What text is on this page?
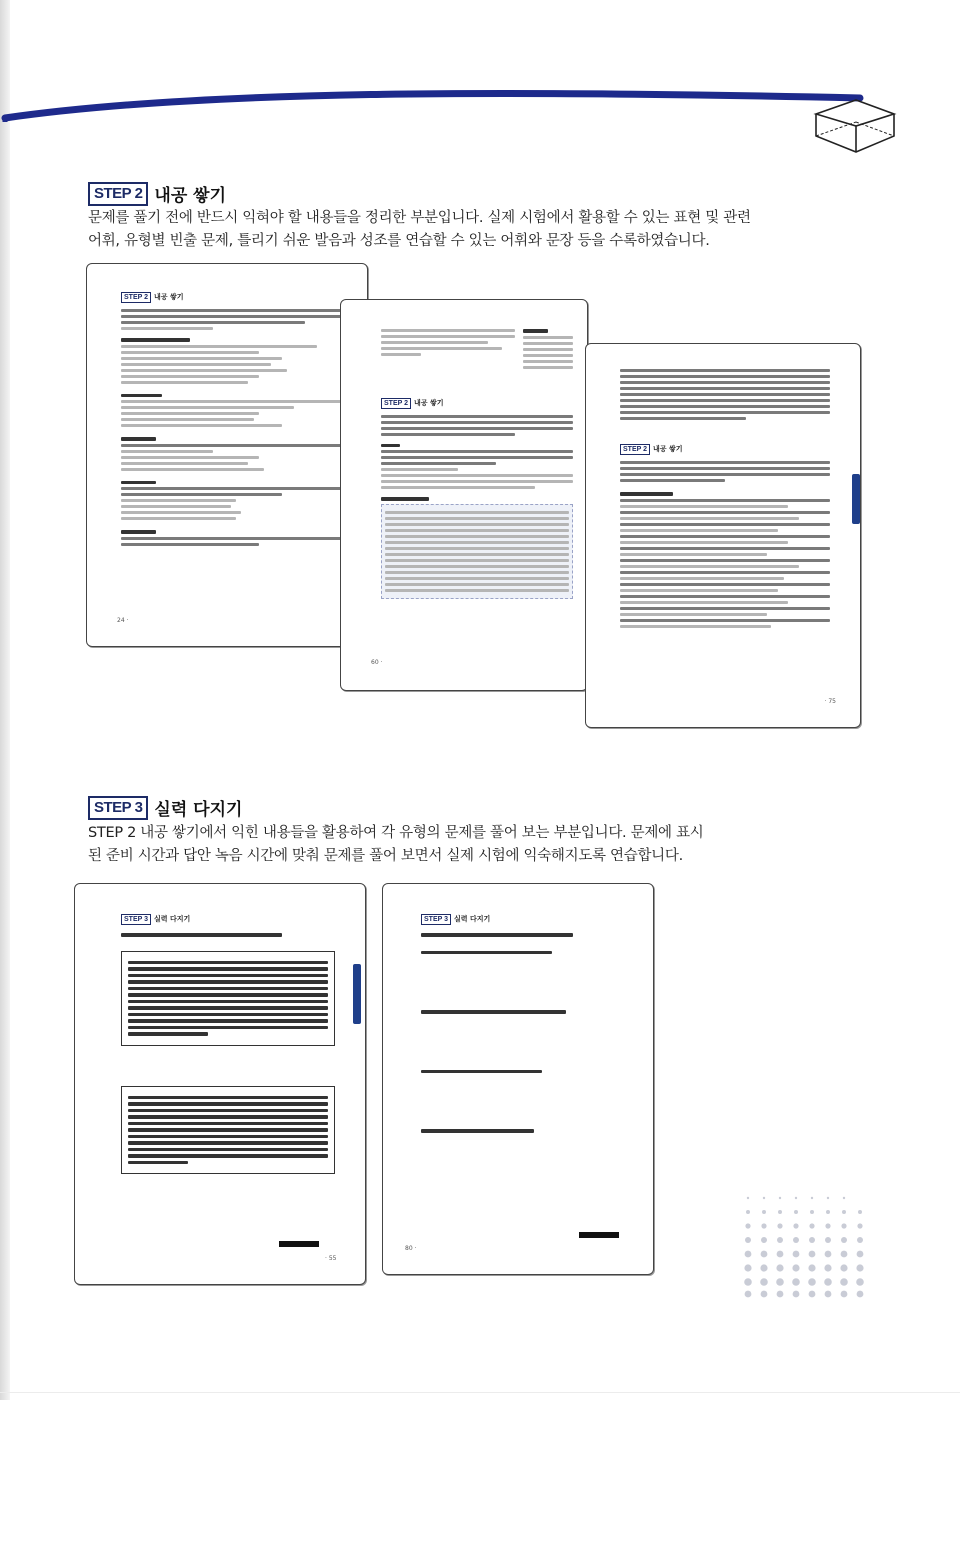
STEP 2 내공 쌓기
문제를 풀기 전에 반드시 익혀야 할 내용들을 정리한 부분입니다. 실제 시험에서 활용할 수 있는 표현 및 관련
어휘, 유형별 빈출 문제, 틀리기 쉬운 발음과 성조를 연습할 수 있는 어휘와 문장 등을 수록하였습니다.
STEP 2 내공 쌓기
24 ·
STEP 2 내공 쌓기
60 ·
STEP 2 내공 쌓기
· 75
STEP 3 실력 다지기
STEP 2 내공 쌓기에서 익힌 내용들을 활용하여 각 유형의 문제를 풀어 보는 부분입니다. 문제에 표시
된 준비 시간과 답안 녹음 시간에 맞춰 문제를 풀어 보면서 실제 시험에 익숙해지도록 연습합니다.
STEP 3 실력 다지기
· 55
STEP 3 실력 다지기
80 ·
